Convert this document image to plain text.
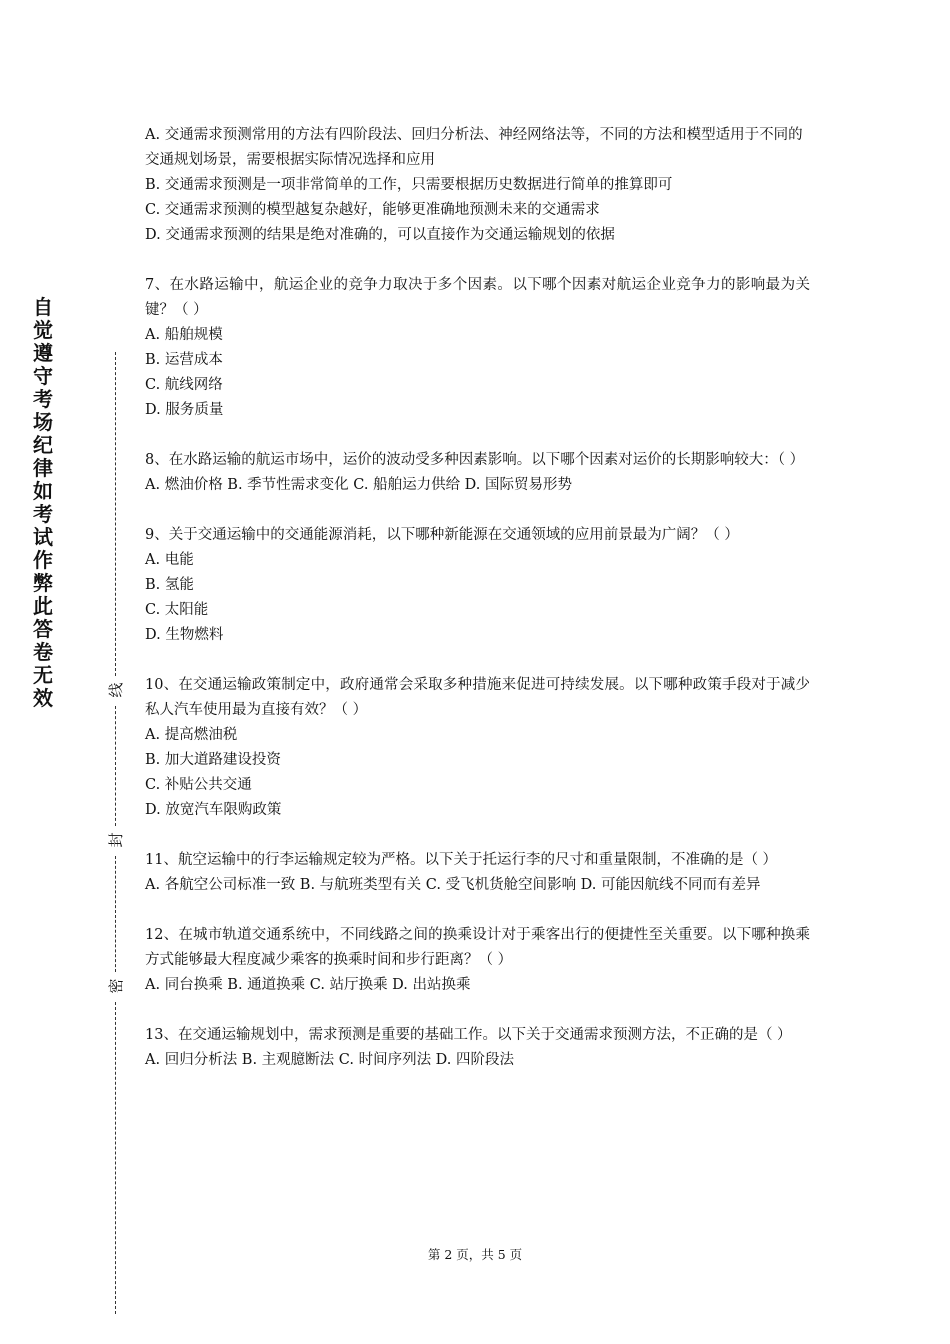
自觉遵守考场纪律如考试作弊此答卷无效	线
封
密
A. 交通需求预测常用的方法有四阶段法、回归分析法、神经网络法等，不同的方法和模型适用于不同的交通规划场景，需要根据实际情况选择和应用
B. 交通需求预测是一项非常简单的工作，只需要根据历史数据进行简单的推算即可
C. 交通需求预测的模型越复杂越好，能够更准确地预测未来的交通需求
D. 交通需求预测的结果是绝对准确的，可以直接作为交通运输规划的依据
7、在水路运输中，航运企业的竞争力取决于多个因素。以下哪个因素对航运企业竞争力的影响最为关键？（ ）
A. 船舶规模
B. 运营成本
C. 航线网络
D. 服务质量
8、在水路运输的航运市场中，运价的波动受多种因素影响。以下哪个因素对运价的长期影响较大：（ ）
A. 燃油价格 B. 季节性需求变化 C. 船舶运力供给 D. 国际贸易形势
9、关于交通运输中的交通能源消耗，以下哪种新能源在交通领域的应用前景最为广阔？（ ）
A. 电能
B. 氢能
C. 太阳能
D. 生物燃料
10、在交通运输政策制定中，政府通常会采取多种措施来促进可持续发展。以下哪种政策手段对于减少私人汽车使用最为直接有效？（ ）
A. 提高燃油税
B. 加大道路建设投资
C. 补贴公共交通
D. 放宽汽车限购政策
11、航空运输中的行李运输规定较为严格。以下关于托运行李的尺寸和重量限制，不准确的是（ ）
A. 各航空公司标准一致 B. 与航班类型有关 C. 受飞机货舱空间影响 D. 可能因航线不同而有差异
12、在城市轨道交通系统中，不同线路之间的换乘设计对于乘客出行的便捷性至关重要。以下哪种换乘方式能够最大程度减少乘客的换乘时间和步行距离？（ ）
A. 同台换乘 B. 通道换乘 C. 站厅换乘 D. 出站换乘
13、在交通运输规划中，需求预测是重要的基础工作。以下关于交通需求预测方法，不正确的是（ ）
A. 回归分析法 B. 主观臆断法 C. 时间序列法 D. 四阶段法
第 2 页，共 5 页
